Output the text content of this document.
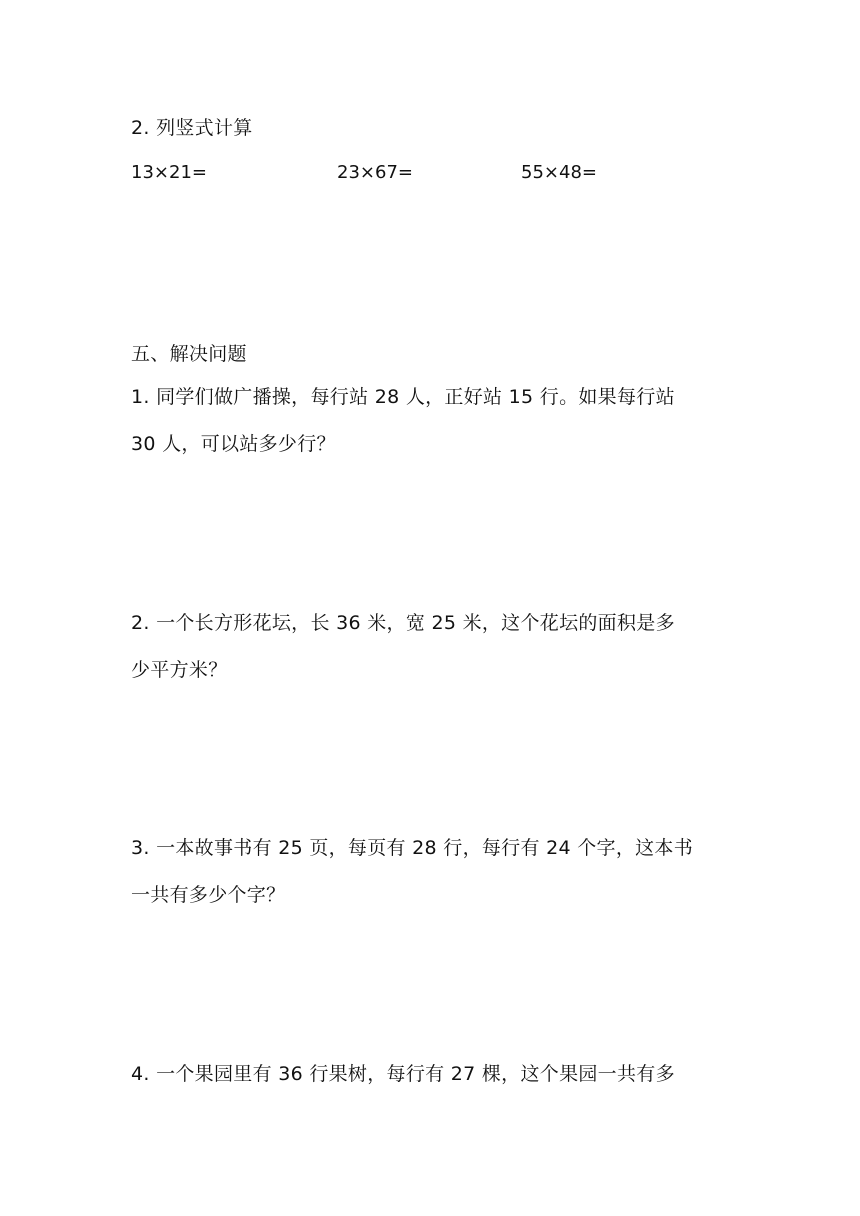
2. 列竖式计算
13×21=	23×67=	55×48=
五、解决问题
1. 同学们做广播操，每行站 28 人，正好站 15 行。如果每行站
30 人，可以站多少行？
2. 一个长方形花坛，长 36 米，宽 25 米，这个花坛的面积是多
少平方米？
3. 一本故事书有 25 页，每页有 28 行，每行有 24 个字，这本书
一共有多少个字？
4. 一个果园里有 36 行果树，每行有 27 棵，这个果园一共有多
